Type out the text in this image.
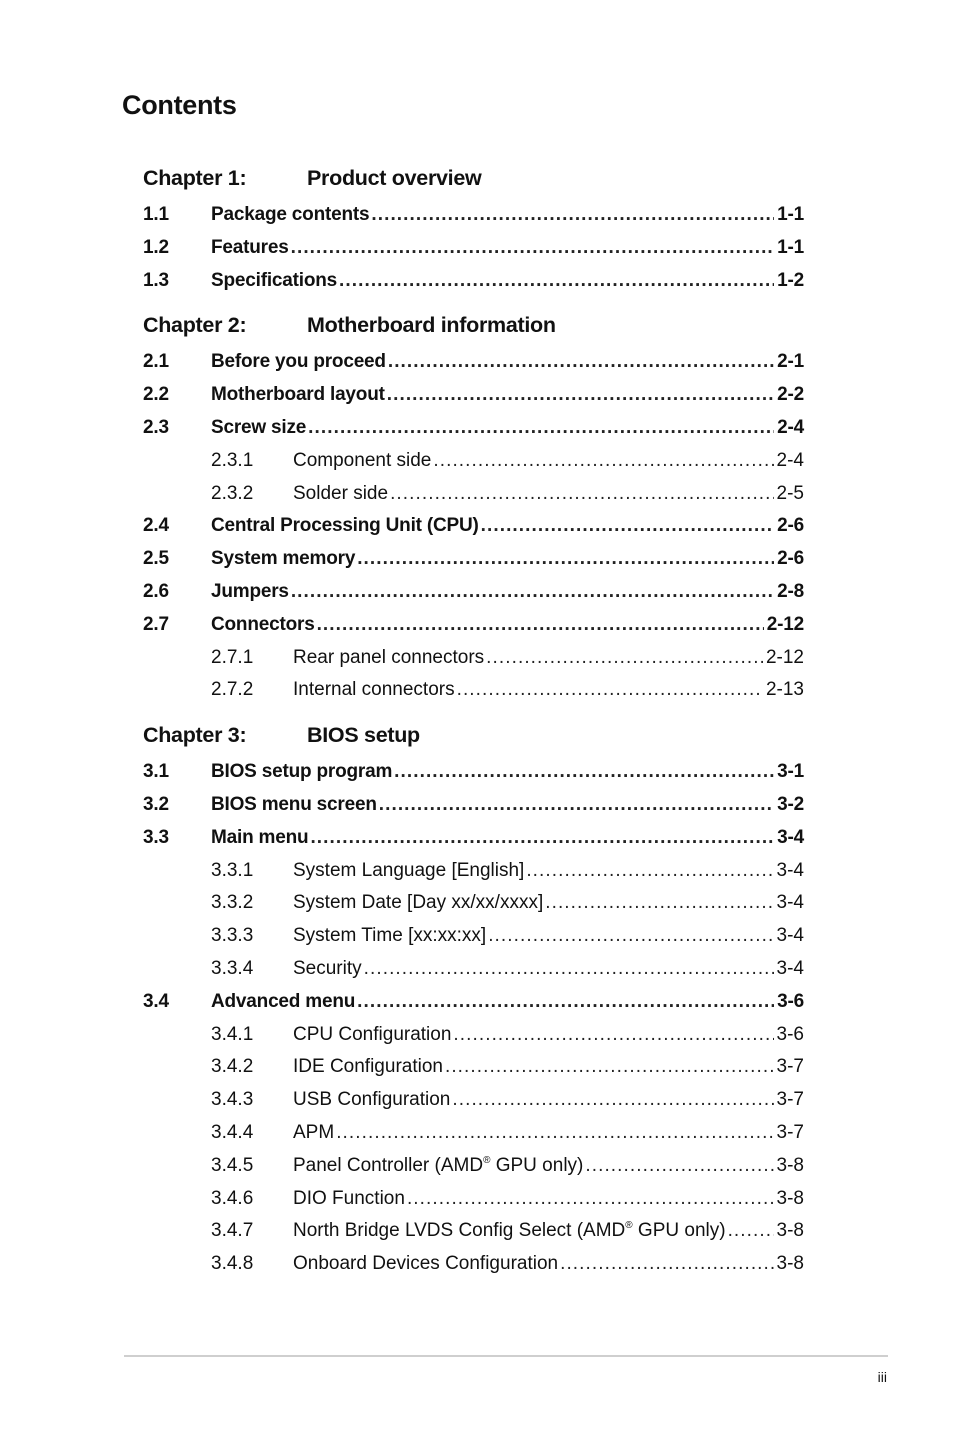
Contents
Chapter 1:	Product overview
1.1 Package contents . . .	1-1
1.2 Features . . .	1-1
1.3 Specifications . . .	1-2
Chapter 2:	Motherboard information
2.1 Before you proceed . . .	2-1
2.2 Motherboard layout . . .	2-2
2.3 Screw size . . .	2-4
2.3.1 Component side . . .	2-4
2.3.2 Solder side . . .	2-5
2.4 Central Processing Unit (CPU) . . .	2-6
2.5 System memory . . .	2-6
2.6 Jumpers . . .	2-8
2.7 Connectors . . .	2-12
2.7.1 Rear panel connectors . . .	2-12
2.7.2 Internal connectors . . .	2-13
Chapter 3:	BIOS setup
3.1 BIOS setup program . . .	3-1
3.2 BIOS menu screen . . .	3-2
3.3 Main menu . . .	3-4
3.3.1 System Language [English] . . .	3-4
3.3.2 System Date [Day xx/xx/xxxx] . . .	3-4
3.3.3 System Time [xx:xx:xx] . . .	3-4
3.3.4 Security . . .	3-4
3.4 Advanced menu . . .	3-6
3.4.1 CPU Configuration . . .	3-6
3.4.2 IDE Configuration . . .	3-7
3.4.3 USB Configuration . . .	3-7
3.4.4 APM . . .	3-7
3.4.5 Panel Controller (AMD® GPU only) . . .	3-8
3.4.6 DIO Function . . .	3-8
3.4.7 North Bridge LVDS Config Select (AMD® GPU only) . . .	3-8
3.4.8 Onboard Devices Configuration . . .	3-8
iii
